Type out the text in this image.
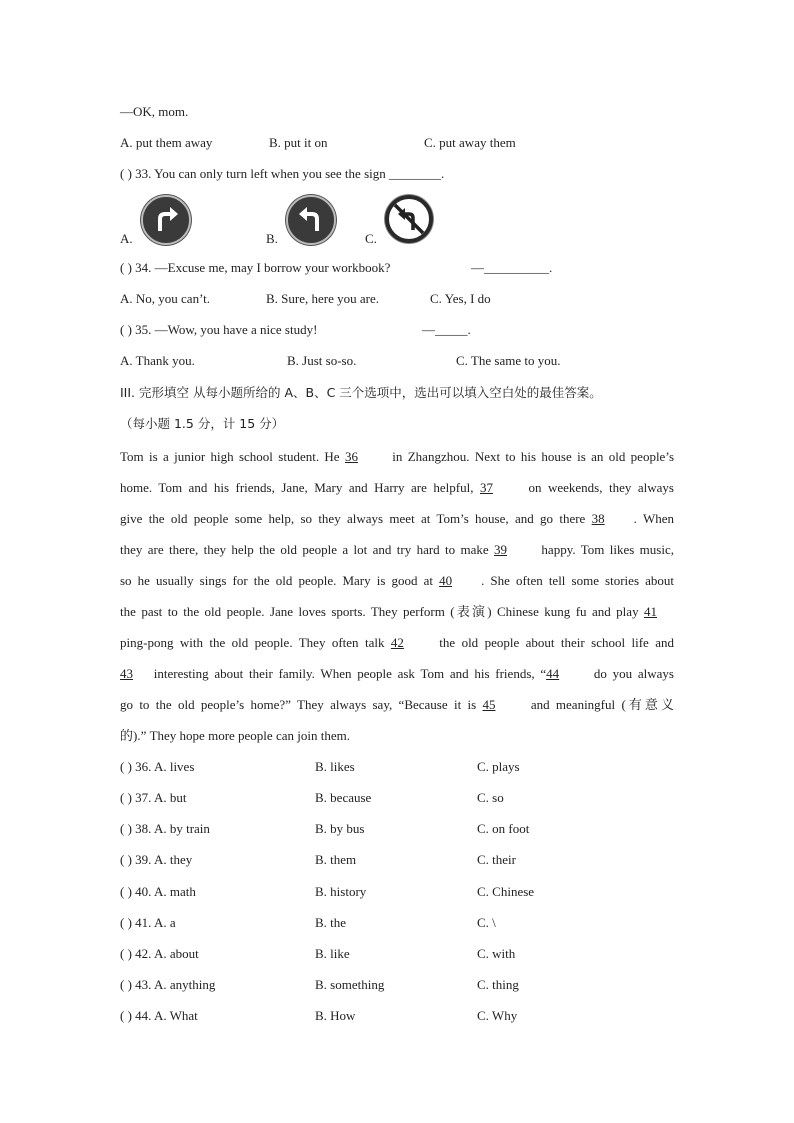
—OK, mom.
A. put them away	B. put it on	C. put away them
( ) 33. You can only turn left when you see the sign ________.
A.	B.	C.
( ) 34. —Excuse me, may I borrow your workbook?	—__________.
A. No, you can’t.	B. Sure, here you are.	C. Yes, I do
( ) 35. —Wow, you have a nice study!	—_____.
A. Thank you.	B. Just so-so.	C. The same to you.
III. 完形填空 从每小题所给的 A、B、C 三个选项中，选出可以填入空白处的最佳答案。
（每小题 1.5 分，计 15 分）
Tom is a junior high school student. He 36 in Zhangzhou. Next to his house is an old people’s
home. Tom and his friends, Jane, Mary and Harry are helpful, 37 on weekends, they always
give the old people some help, so they always meet at Tom’s house, and go there 38 . When
they are there, they help the old people a lot and try hard to make 39 happy. Tom likes music,
so he usually sings for the old people. Mary is good at 40 . She often tell some stories about
the past to the old people. Jane loves sports. They perform (表演) Chinese kung fu and play 41
ping-pong with the old people. They often talk 42 the old people about their school life and
43 interesting about their family. When people ask Tom and his friends, “44 do you always
go to the old people’s home?” They always say, “Because it is 45 and meaningful (有意义
的).” They hope more people can join them.
( ) 36. A. lives	B. likes	C. plays
( ) 37. A. but	B. because	C. so
( ) 38. A. by train	B. by bus	C. on foot
( ) 39. A. they	B. them	C. their
( ) 40. A. math	B. history	C. Chinese
( ) 41. A. a	B. the	C. \
( ) 42. A. about	B. like	C. with
( ) 43. A. anything	B. something	C. thing
( ) 44. A. What	B. How	C. Why
